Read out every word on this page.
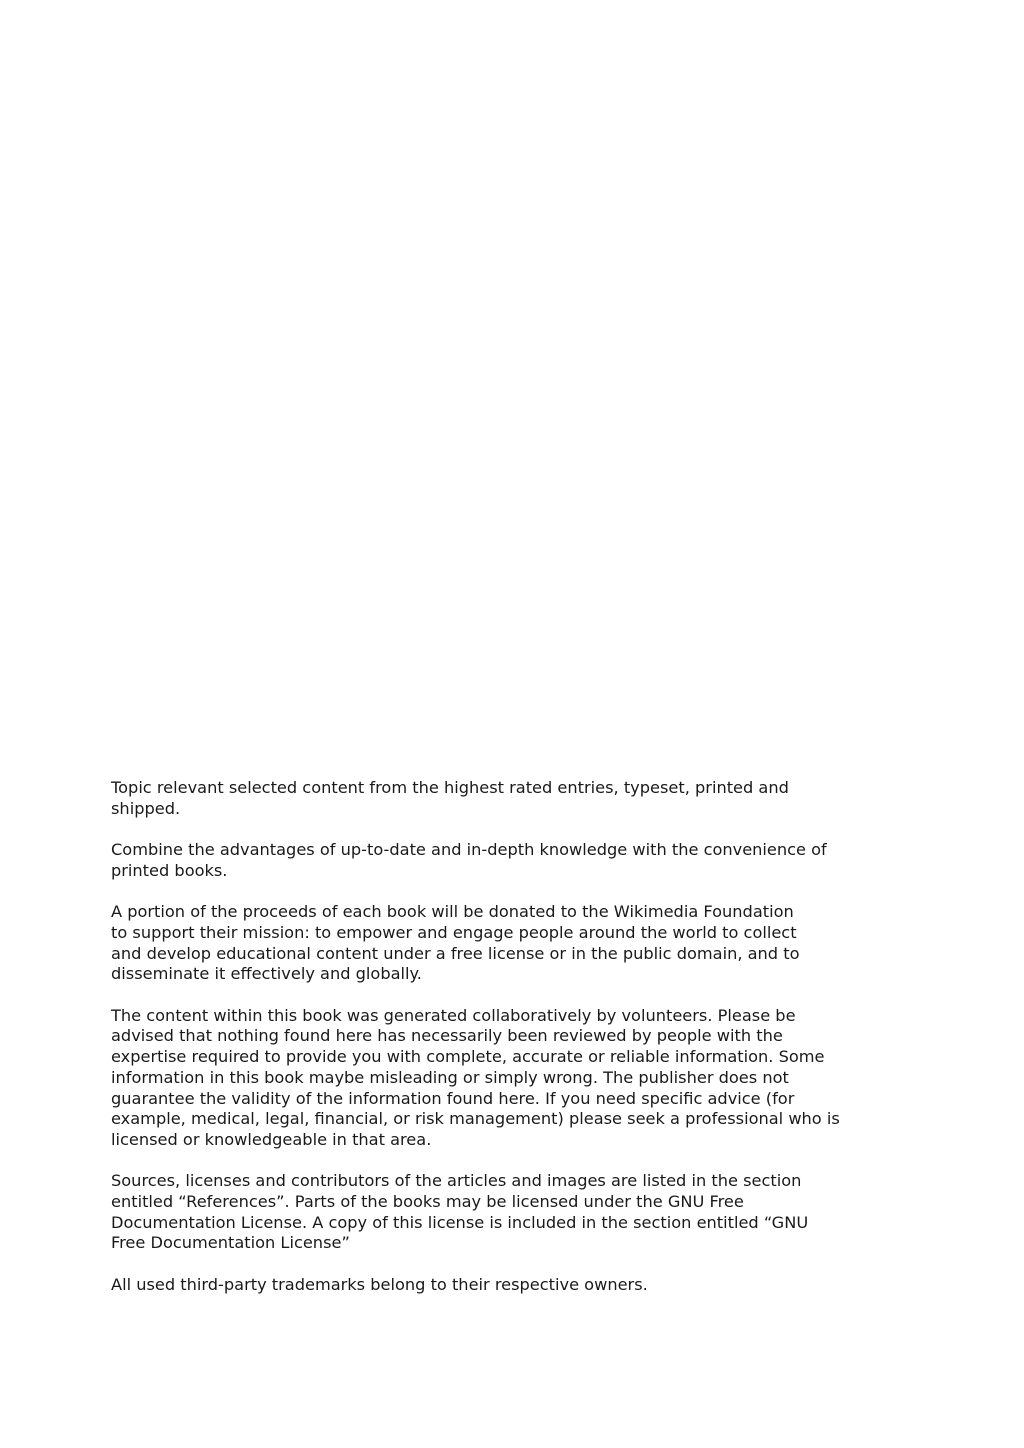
Topic relevant selected content from the highest rated entries, typeset, printed and
shipped.

Combine the advantages of up-to-date and in-depth knowledge with the convenience of
printed books.

A portion of the proceeds of each book will be donated to the Wikimedia Foundation
to support their mission: to empower and engage people around the world to collect
and develop educational content under a free license or in the public domain, and to
disseminate it effectively and globally.

The content within this book was generated collaboratively by volunteers. Please be
advised that nothing found here has necessarily been reviewed by people with the
expertise required to provide you with complete, accurate or reliable information. Some
information in this book maybe misleading or simply wrong. The publisher does not
guarantee the validity of the information found here. If you need specific advice (for
example, medical, legal, financial, or risk management) please seek a professional who is
licensed or knowledgeable in that area.

Sources, licenses and contributors of the articles and images are listed in the section
entitled “References”. Parts of the books may be licensed under the GNU Free
Documentation License. A copy of this license is included in the section entitled “GNU
Free Documentation License”

All used third-party trademarks belong to their respective owners.
